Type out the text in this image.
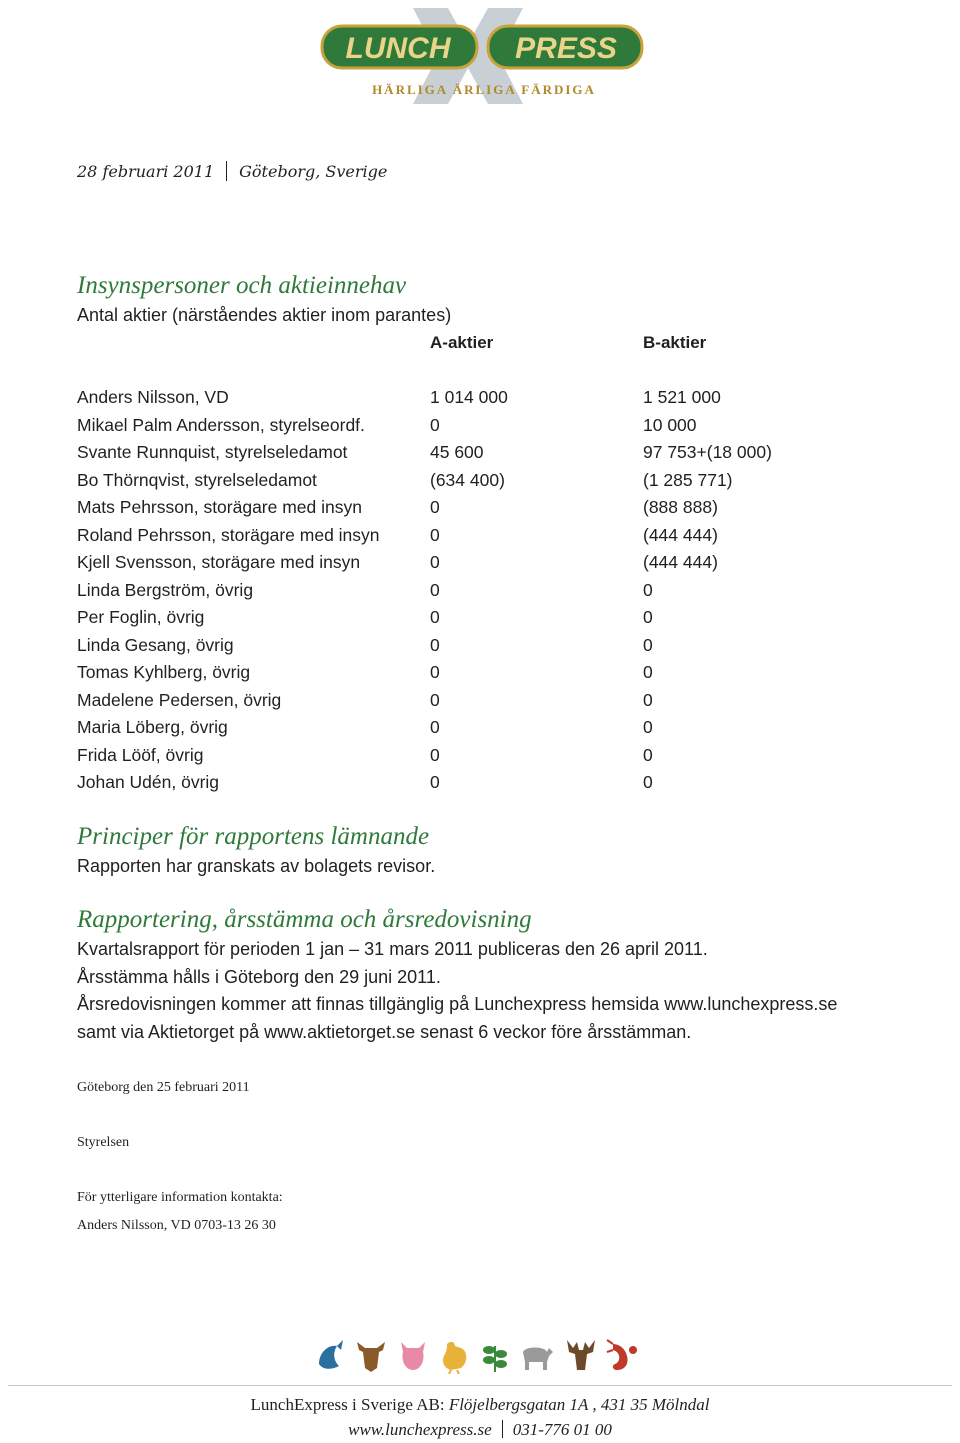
LUNCH PRESS
HÄRLIGA ÄRLIGA FÄRDIGA
28 februari 2011 Göteborg, Sverige
Insynspersoner och aktieinnehav
Antal aktier (närståendes aktier inom parantes)
A-aktier	B-aktier
Anders Nilsson, VD	1 014 000	1 521 000
Mikael Palm Andersson, styrelseordf.	0	10 000
Svante Runnquist, styrelseledamot	45 600	97 753+(18 000)
Bo Thörnqvist, styrelseledamot	(634 400)	(1 285 771)
Mats Pehrsson, storägare med insyn	0	(888 888)
Roland Pehrsson, storägare med insyn	0	(444 444)
Kjell Svensson, storägare med insyn	0	(444 444)
Linda Bergström, övrig	0	0
Per Foglin, övrig	0	0
Linda Gesang, övrig	0	0
Tomas Kyhlberg, övrig	0	0
Madelene Pedersen, övrig	0	0
Maria Löberg, övrig	0	0
Frida Lööf, övrig	0	0
Johan Udén, övrig	0	0
Principer för rapportens lämnande
Rapporten har granskats av bolagets revisor.
Rapportering, årsstämma och årsredovisning
Kvartalsrapport för perioden 1 jan – 31 mars 2011 publiceras den 26 april 2011.
Årsstämma hålls i Göteborg den 29 juni 2011.
Årsredovisningen kommer att finnas tillgänglig på Lunchexpress hemsida www.lunchexpress.se
samt via Aktietorget på www.aktietorget.se senast 6 veckor före årsstämman.
Göteborg den 25 februari 2011
Styrelsen
För ytterligare information kontakta:
Anders Nilsson, VD 0703-13 26 30
LunchExpress i Sverige AB: Flöjelbergsgatan 1A , 431 35 Mölndal
www.lunchexpress.se 031-776 01 00
